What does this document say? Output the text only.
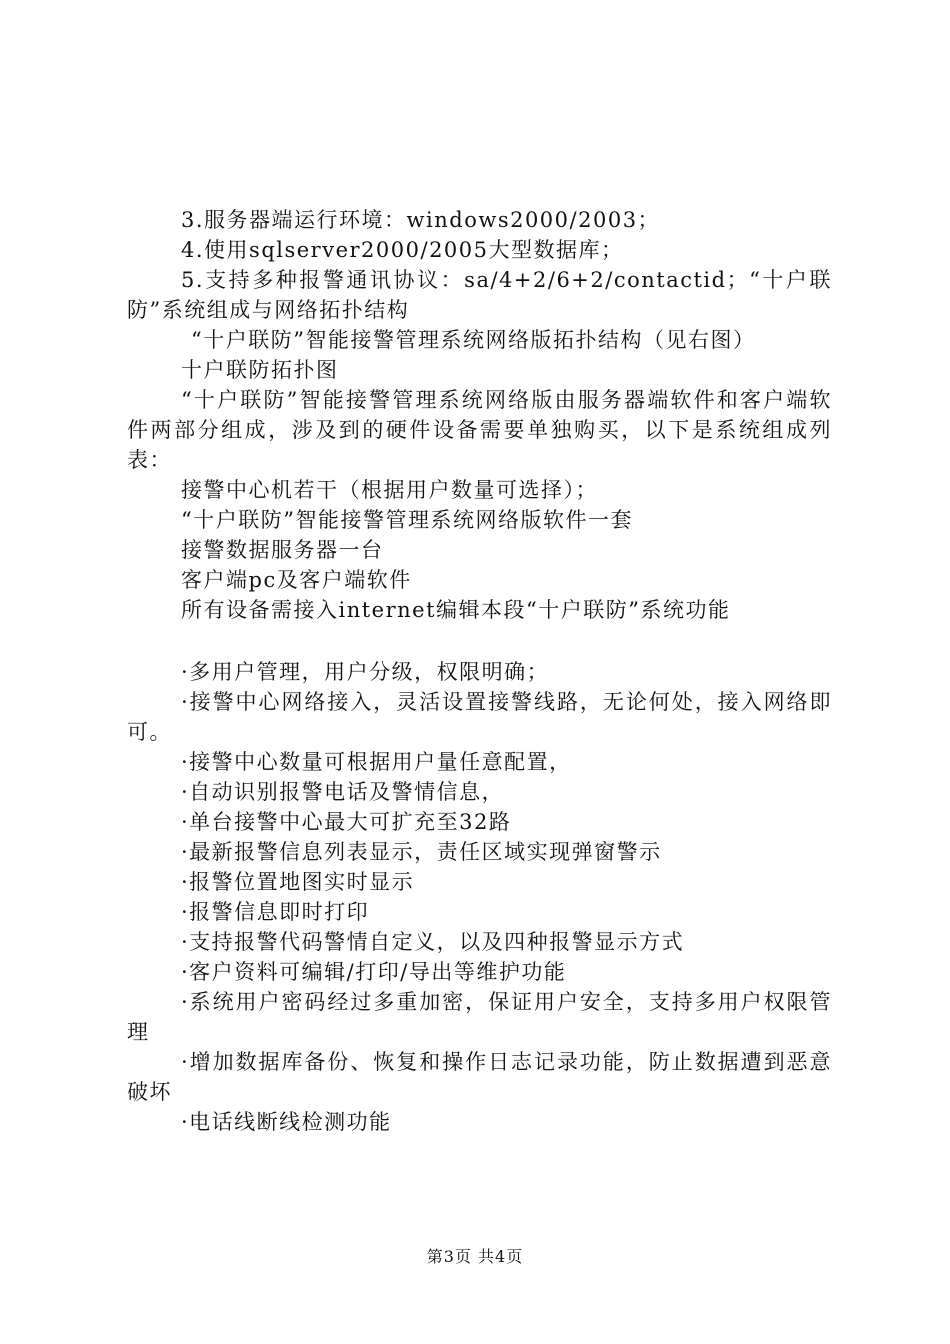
3.服务器端运行环境：windows2000/2003；

4.使用sqlserver2000/2005大型数据库；

5.支持多种报警通讯协议：sa/4+2/6+2/contactid；“十户联防”系统组成与网络拓扑结构

“十户联防”智能接警管理系统网络版拓扑结构（见右图）

十户联防拓扑图

“十户联防”智能接警管理系统网络版由服务器端软件和客户端软件两部分组成，涉及到的硬件设备需要单独购买，以下是系统组成列表：

接警中心机若干（根据用户数量可选择）；

“十户联防”智能接警管理系统网络版软件一套

接警数据服务器一台

客户端pc及客户端软件

所有设备需接入internet编辑本段“十户联防”系统功能

·多用户管理，用户分级，权限明确；

·接警中心网络接入，灵活设置接警线路，无论何处，接入网络即可。

·接警中心数量可根据用户量任意配置，

·自动识别报警电话及警情信息，

·单台接警中心最大可扩充至32路

·最新报警信息列表显示，责任区域实现弹窗警示

·报警位置地图实时显示

·报警信息即时打印

·支持报警代码警情自定义，以及四种报警显示方式

·客户资料可编辑/打印/导出等维护功能

·系统用户密码经过多重加密，保证用户安全，支持多用户权限管理

·增加数据库备份、恢复和操作日志记录功能，防止数据遭到恶意破坏

·电话线断线检测功能

第3页 共4页
